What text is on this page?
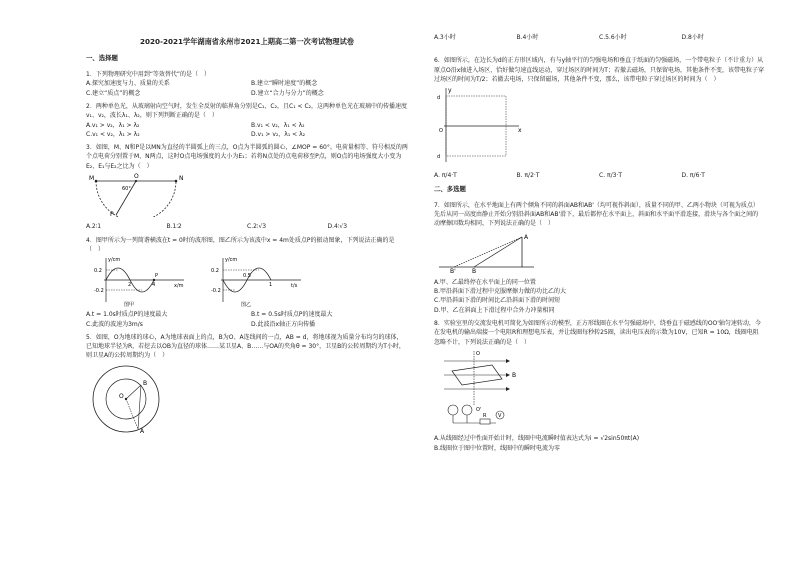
2020-2021学年湖南省永州市2021上期高二第一次考试物理试卷
一、选择题
1．下列物理研究中用到“等效替代”的是（　）
A.探究加速度与力、质量的关系	B.建立“瞬时速度”的概念
C.建立“质点”的概念	D.建立“合力与分力”的概念
2．两种单色光，从玻璃射向空气时，发生全反射的临界角分别是C₁、C₂，且C₁ < C₂，这两种单色光在玻璃中的传播速度v₁、v₂，波长λ₁、λ₂，则下列判断正确的是（　）
A.v₁ > v₂，λ₁ > λ₂	B.v₁ < v₂，λ₁ < λ₂
C.v₁ < v₂，λ₁ > λ₂	D.v₁ > v₂，λ₁ < λ₂
3．如图，M、N和P是以MN为直径的半圆弧上的三点，O点为半圆弧的圆心，∠MOP = 60°。电荷量相等、符号相反的两个点电荷分别置于M、N两点，这时O点电场强度的大小为E₁；若将N点处的点电荷移至P点，则O点的电场强度大小变为E₂，E₁与E₂之比为（　）
M	N
O
P
60°
A.2∶1	B.1∶2	C.2∶√3	D.4∶√3
4．图甲所示为一列简谐横波在t = 0时的波形图，图乙所示为该波中x = 4m处质点P的振动图象，下列说法正确的是（　）
y/cm
x/m
0.2
-0.2
2	4
P
图甲
y/cm
t/s
0.2
-0.2
0.5
1
图乙
A.t = 1.0s时质点P的速度最大	B.t = 0.5s时质点P的速度最大
C.此波的波速为3m/s	D.此波沿x轴正方向传播
5．如图，O为地球的球心，A为地球表面上的点，B为O、A连线间的一点，AB = d，将地球视为质量分布均匀的球体，已知地球半径为R，若挖去以OB为直径的球体……某卫星A、B……与OA的夹角θ = 30°，卫星B的公转周期约为T小时，则卫星A的公转周期约为（　）
O
B
A
A.3小时	B.4小时	C.5.6小时	D.8小时
6．如图所示，在边长为d的正方形区域内，有与y轴平行的匀强电场和垂直于纸面的匀强磁场，一个带电粒子（不计重力）从原点O沿x轴进入场区，恰好做匀速直线运动，穿过场区的时间为T；若撤去磁场，只保留电场，其他条件不变，该带电粒子穿过场区的时间为T/2；若撤去电场，只保留磁场，其他条件不变，那么，该带电粒子穿过场区的时间为（　）
y
x
O
d
d
A. π/4·T	B. π/2·T	C. π/3·T	D. π/6·T
二、多选题
7．如图所示，在水平地面上有两个倾角不同的斜面AB和AB'（均可视作斜面），质量不同的甲、乙两小物块（可视为质点）先后从同一高度由静止开始分别沿斜面AB和AB'滑下，最后都停在水平面上，斜面和水平面平滑连接，滑块与各个面之间的动摩擦因数均相同，下列说法正确的是（　）
A
B
B'
A.甲、乙最终停在水平面上的同一位置
B.甲沿斜面下滑过程中克服摩擦力做的功比乙的大
C.甲沿斜面下滑的时间比乙沿斜面下滑的时间短
D.甲、乙在斜面上下滑过程中合外力冲量相同
8．实验室里的交流发电机可简化为如图所示的模型，正方形线圈在水平匀强磁场中，绕垂直于磁感线的OO'轴匀速转动，今在发电机的输出端接一个电阻R和理想电压表，并让线圈每秒转25圈，读出电压表的示数为10V，已知R = 10Ω，线圈电阻忽略不计，下列说法正确的是（　）
O
O'
B
R V
A.从线圈经过中性面开始计时，线圈中电流瞬时值表达式为i = √2sin50πt(A)
B.线圈位于图中位置时，线圈中的瞬时电流为零
